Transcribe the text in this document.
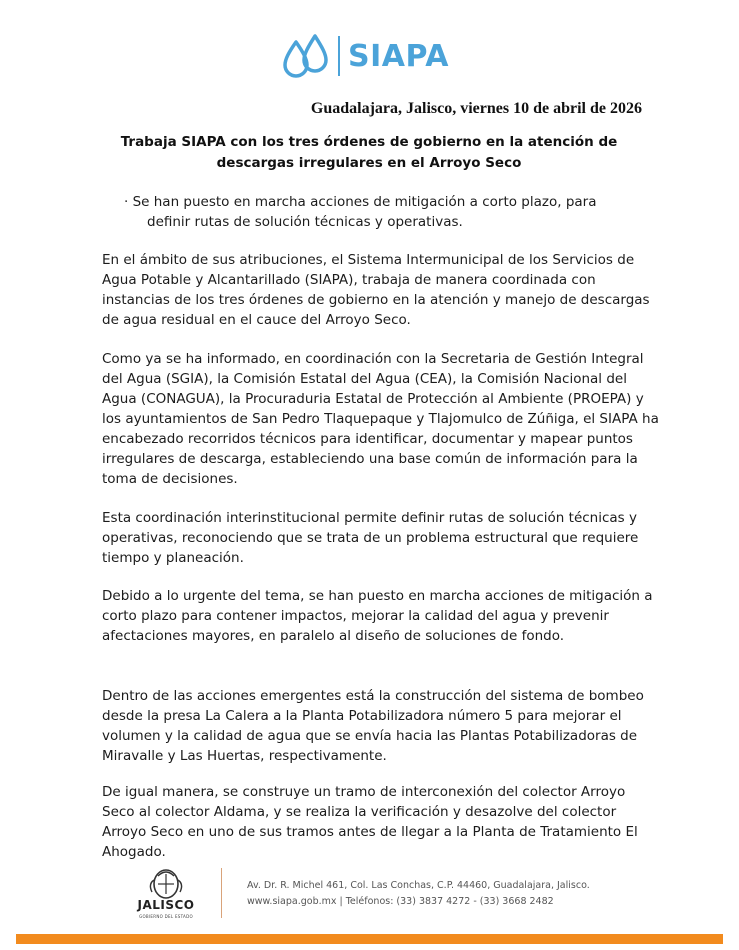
SIAPA
Guadalajara, Jalisco, viernes 10 de abril de 2026
Trabaja SIAPA con los tres órdenes de gobierno en la atención de
descargas irregulares en el Arroyo Seco
· Se han puesto en marcha acciones de mitigación a corto plazo, para
definir rutas de solución técnicas y operativas.

En el ámbito de sus atribuciones, el Sistema Intermunicipal de los Servicios de Agua Potable y Alcantarillado (SIAPA), trabaja de manera coordinada con instancias de los tres órdenes de gobierno en la atención y manejo de descargas de agua residual en el cauce del Arroyo Seco.

Como ya se ha informado, en coordinación con la Secretaria de Gestión Integral del Agua (SGIA), la Comisión Estatal del Agua (CEA), la Comisión Nacional del Agua (CONAGUA), la Procuraduria Estatal de Protección al Ambiente (PROEPA) y los ayuntamientos de San Pedro Tlaquepaque y Tlajomulco de Zúñiga, el SIAPA ha encabezado recorridos técnicos para identificar, documentar y mapear puntos irregulares de descarga, estableciendo una base común de información para la toma de decisiones.

Esta coordinación interinstitucional permite definir rutas de solución técnicas y operativas, reconociendo que se trata de un problema estructural que requiere tiempo y planeación.

Debido a lo urgente del tema, se han puesto en marcha acciones de mitigación a corto plazo para contener impactos, mejorar la calidad del agua y prevenir afectaciones mayores, en paralelo al diseño de soluciones de fondo.

Dentro de las acciones emergentes está la construcción del sistema de bombeo desde la presa La Calera a la Planta Potabilizadora número 5 para mejorar el volumen y la calidad de agua que se envía hacia las Plantas Potabilizadoras de Miravalle y Las Huertas, respectivamente.

De igual manera, se construye un tramo de interconexión del colector Arroyo Seco al colector Aldama, y se realiza la verificación y desazolve del colector Arroyo Seco en uno de sus tramos antes de llegar a la Planta de Tratamiento El Ahogado.

JALISCO
GOBIERNO DEL ESTADO
Av. Dr. R. Michel 461, Col. Las Conchas, C.P. 44460, Guadalajara, Jalisco.
www.siapa.gob.mx | Teléfonos: (33) 3837 4272 - (33) 3668 2482
